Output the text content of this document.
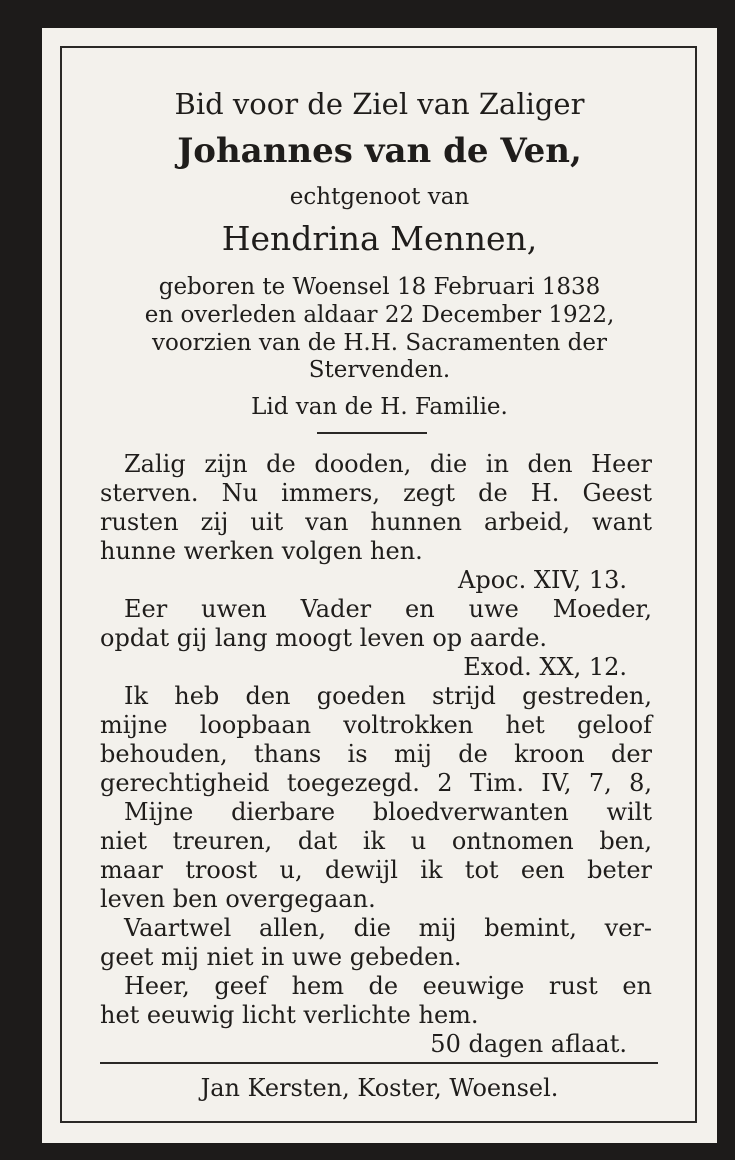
Bid voor de Ziel van Zaliger
Johannes van de Ven,
echtgenoot van
Hendrina Mennen,
geboren te Woensel 18 Februari 1838
en overleden aldaar 22 December 1922,
voorzien van de H.H. Sacramenten der
Stervenden.
Lid van de H. Familie.
Zalig zijn de dooden, die in den Heer
sterven. Nu immers, zegt de H. Geest
rusten zij uit van hunnen arbeid, want
hunne werken volgen hen.
Apoc. XIV, 13.
Eer uwen Vader en uwe Moeder,
opdat gij lang moogt leven op aarde.
Exod. XX, 12.
Ik heb den goeden strijd gestreden,
mijne loopbaan voltrokken het geloof
behouden, thans is mij de kroon der
gerechtigheid toegezegd. 2 Tim. IV, 7, 8,
Mijne dierbare bloedverwanten wilt
niet treuren, dat ik u ontnomen ben,
maar troost u, dewijl ik tot een beter
leven ben overgegaan.
Vaartwel allen, die mij bemint, ver-
geet mij niet in uwe gebeden.
Heer, geef hem de eeuwige rust en
het eeuwig licht verlichte hem.
50 dagen aflaat.
Jan Kersten, Koster, Woensel.
